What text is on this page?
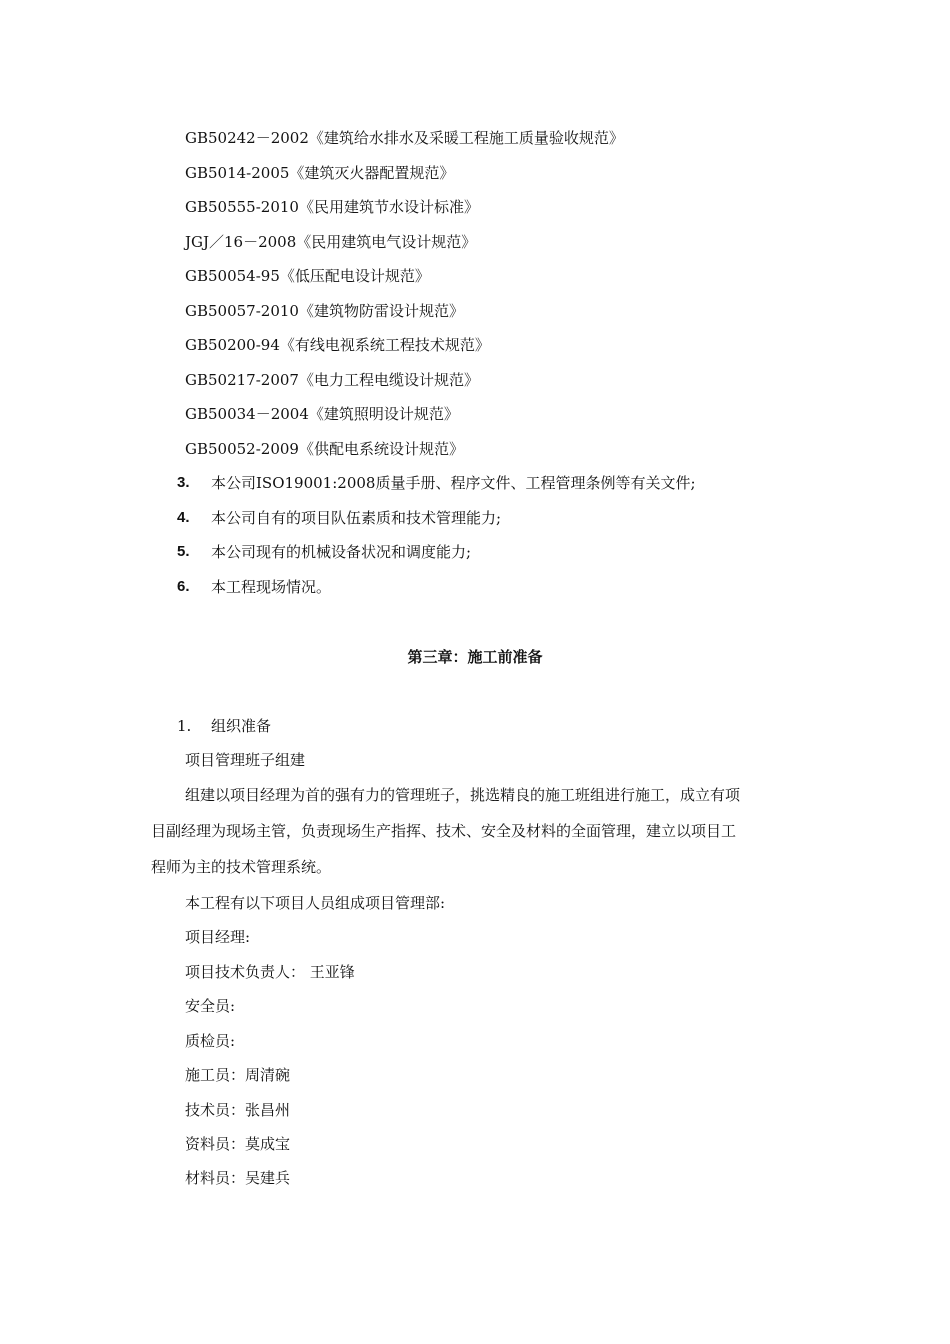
GB50242－2002《建筑给水排水及采暖工程施工质量验收规范》
GB5014-2005《建筑灭火器配置规范》
GB50555-2010《民用建筑节水设计标准》
JGJ／16－2008《民用建筑电气设计规范》
GB50054-95《低压配电设计规范》
GB50057-2010《建筑物防雷设计规范》
GB50200-94《有线电视系统工程技术规范》
GB50217-2007《电力工程电缆设计规范》
GB50034－2004《建筑照明设计规范》
GB50052-2009《供配电系统设计规范》
3. 本公司ISO19001:2008质量手册、程序文件、工程管理条例等有关文件;
4. 本公司自有的项目队伍素质和技术管理能力;
5. 本公司现有的机械设备状况和调度能力;
6. 本工程现场情况。
第三章：施工前准备
1. 组织准备
项目管理班子组建
组建以项目经理为首的强有力的管理班子，挑选精良的施工班组进行施工，成立有项
目副经理为现场主管，负责现场生产指挥、技术、安全及材料的全面管理，建立以项目工
程师为主的技术管理系统。
本工程有以下项目人员组成项目管理部:
项目经理:
项目技术负责人： 王亚锋
安全员:
质检员:
施工员：周清碗
技术员：张昌州
资料员：莫成宝
材料员：吴建兵
